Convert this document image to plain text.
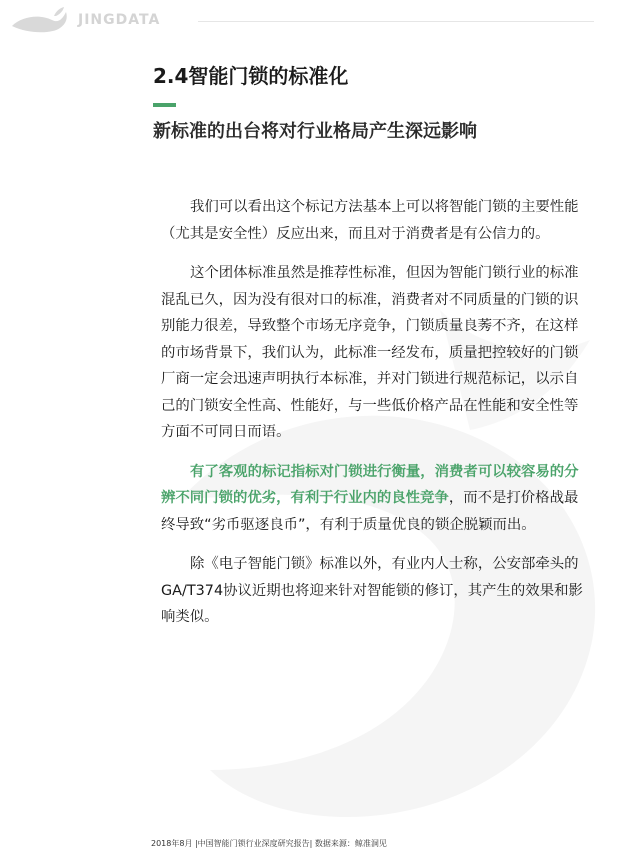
JINGDATA
2.4智能门锁的标准化
新标准的出台将对行业格局产生深远影响

我们可以看出这个标记方法基本上可以将智能门锁的主要性能（尤其是安全性）反应出来，而且对于消费者是有公信力的。

这个团体标准虽然是推荐性标准，但因为智能门锁行业的标准混乱已久，因为没有很对口的标准，消费者对不同质量的门锁的识别能力很差，导致整个市场无序竞争，门锁质量良莠不齐，在这样的市场背景下，我们认为，此标准一经发布，质量把控较好的门锁厂商一定会迅速声明执行本标准，并对门锁进行规范标记，以示自己的门锁安全性高、性能好，与一些低价格产品在性能和安全性等方面不可同日而语。

有了客观的标记指标对门锁进行衡量，消费者可以较容易的分辨不同门锁的优劣，有利于行业内的良性竞争，而不是打价格战最终导致“劣币驱逐良币”，有利于质量优良的锁企脱颖而出。

除《电子智能门锁》标准以外，有业内人士称，公安部牵头的GA/T374协议近期也将迎来针对智能锁的修订，其产生的效果和影响类似。

2018年8月 |中国智能门锁行业深度研究报告| 数据来源：鲸准洞见
